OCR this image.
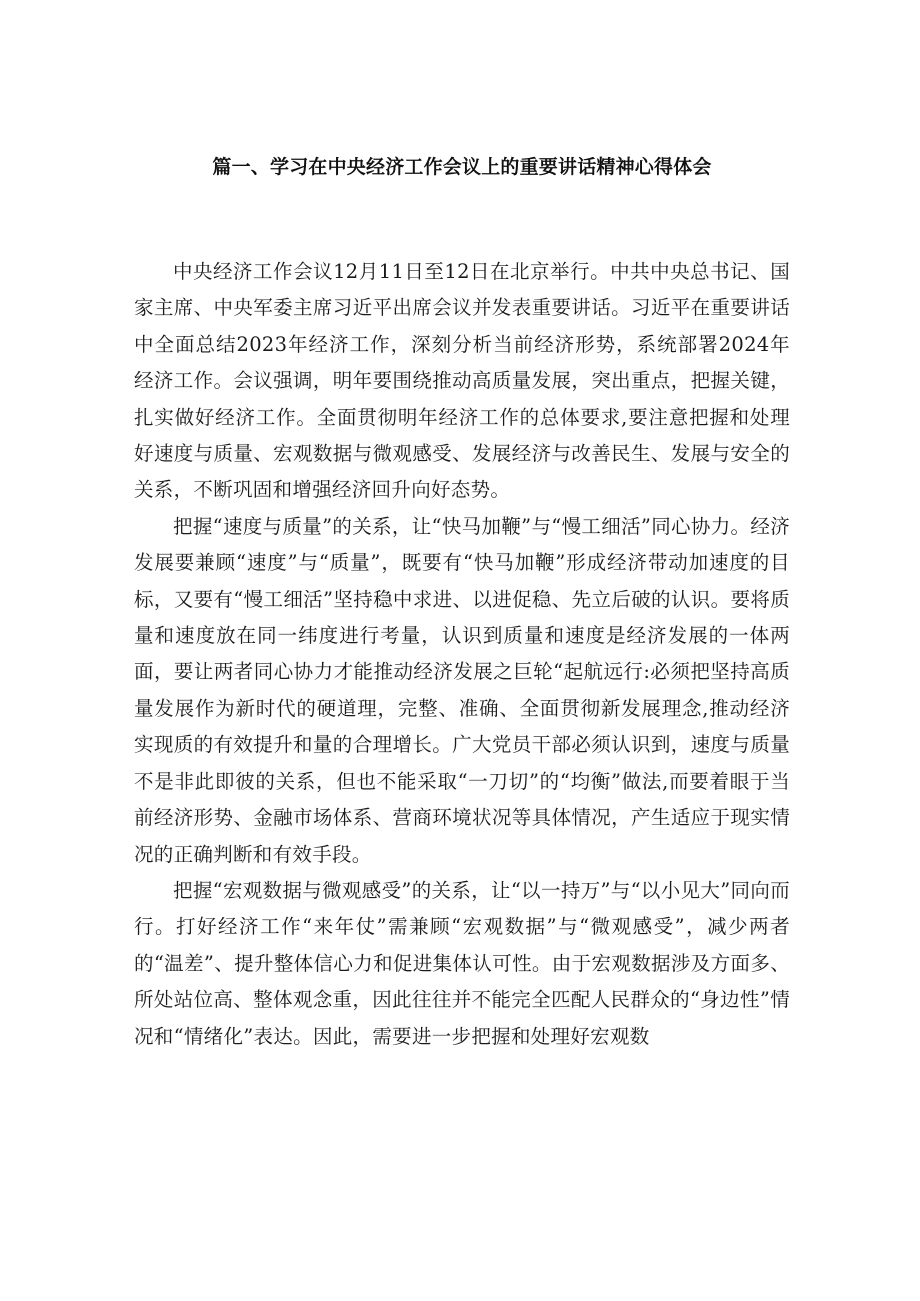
篇一、学习在中央经济工作会议上的重要讲话精神心得体会

中央经济工作会议12月11日至12日在北京举行。中共中央总书记、国家主席、中央军委主席习近平出席会议并发表重要讲话。习近平在重要讲话中全面总结2023年经济工作，深刻分析当前经济形势，系统部署2024年经济工作。会议强调，明年要围绕推动高质量发展，突出重点，把握关键，扎实做好经济工作。全面贯彻明年经济工作的总体要求,要注意把握和处理好速度与质量、宏观数据与微观感受、发展经济与改善民生、发展与安全的关系，不断巩固和增强经济回升向好态势。

把握“速度与质量”的关系，让“快马加鞭”与“慢工细活”同心协力。经济发展要兼顾“速度”与“质量”，既要有“快马加鞭”形成经济带动加速度的目标，又要有“慢工细活”坚持稳中求进、以进促稳、先立后破的认识。要将质量和速度放在同一纬度进行考量，认识到质量和速度是经济发展的一体两面，要让两者同心协力才能推动经济发展之巨轮“起航远行:必须把坚持高质量发展作为新时代的硬道理，完整、准确、全面贯彻新发展理念,推动经济实现质的有效提升和量的合理增长。广大党员干部必须认识到，速度与质量不是非此即彼的关系，但也不能采取“一刀切”的“均衡”做法,而要着眼于当前经济形势、金融市场体系、营商环境状况等具体情况，产生适应于现实情况的正确判断和有效手段。

把握“宏观数据与微观感受”的关系，让“以一持万”与“以小见大”同向而行。打好经济工作“来年仗”需兼顾“宏观数据”与“微观感受”，减少两者的“温差”、提升整体信心力和促进集体认可性。由于宏观数据涉及方面多、所处站位高、整体观念重，因此往往并不能完全匹配人民群众的“身边性”情况和“情绪化”表达。因此，需要进一步把握和处理好宏观数
